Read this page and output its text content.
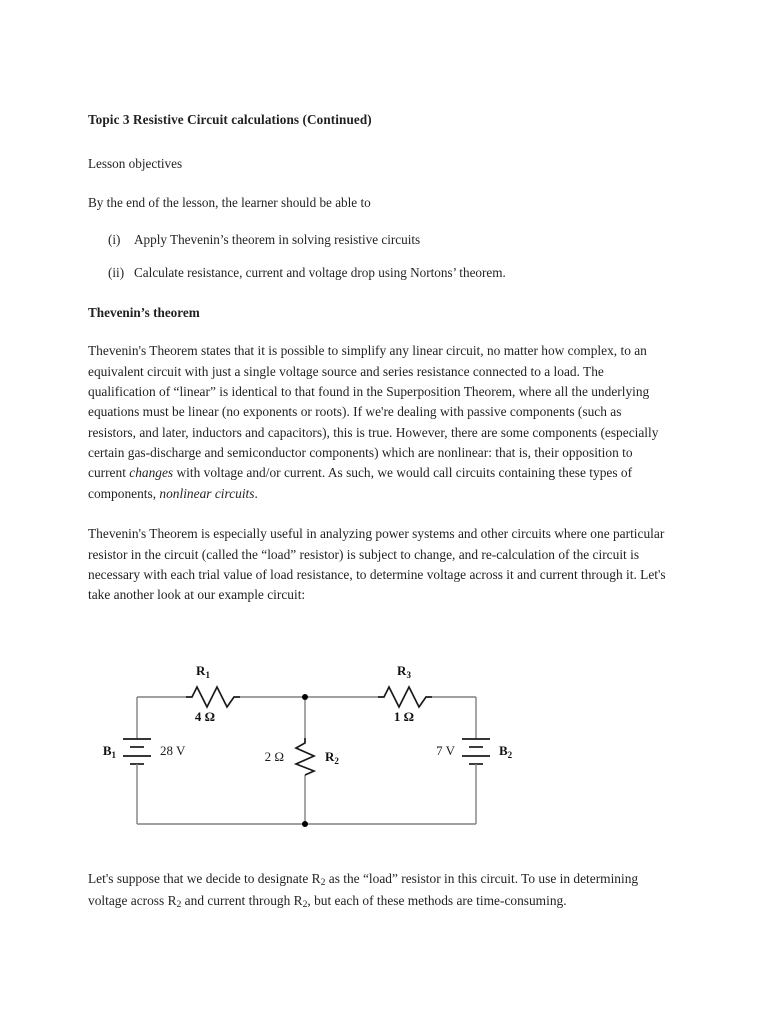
Topic 3 Resistive Circuit calculations (Continued)

Lesson objectives

By the end of the lesson, the learner should be able to

(i)	Apply Thevenin’s theorem in solving resistive circuits
(ii) Calculate resistance, current and voltage drop using Nortons’ theorem.
Thevenin’s theorem

Thevenin's Theorem states that it is possible to simplify any linear circuit, no matter how complex, to an equivalent circuit with just a single voltage source and series resistance connected to a load. The qualification of “linear” is identical to that found in the Superposition Theorem, where all the underlying equations must be linear (no exponents or roots). If we're dealing with passive components (such as resistors, and later, inductors and capacitors), this is true. However, there are some components (especially certain gas-discharge and semiconductor components) which are nonlinear: that is, their opposition to current changes with voltage and/or current. As such, we would call circuits containing these types of components, nonlinear circuits.

Thevenin's Theorem is especially useful in analyzing power systems and other circuits where one particular resistor in the circuit (called the “load” resistor) is subject to change, and re-calculation of the circuit is necessary with each trial value of load resistance, to determine voltage across it and current through it. Let's take another look at our example circuit:

$R_1$
4 Ω
$R_3$
1 Ω
$R_2$
2 Ω
$B_1$	28 V	7 V	$B_2$

Let's suppose that we decide to designate $R_2$ as the “load” resistor in this circuit. To use in determining voltage across $R_2$ and current through $R_2$, but each of these methods are time-consuming.
